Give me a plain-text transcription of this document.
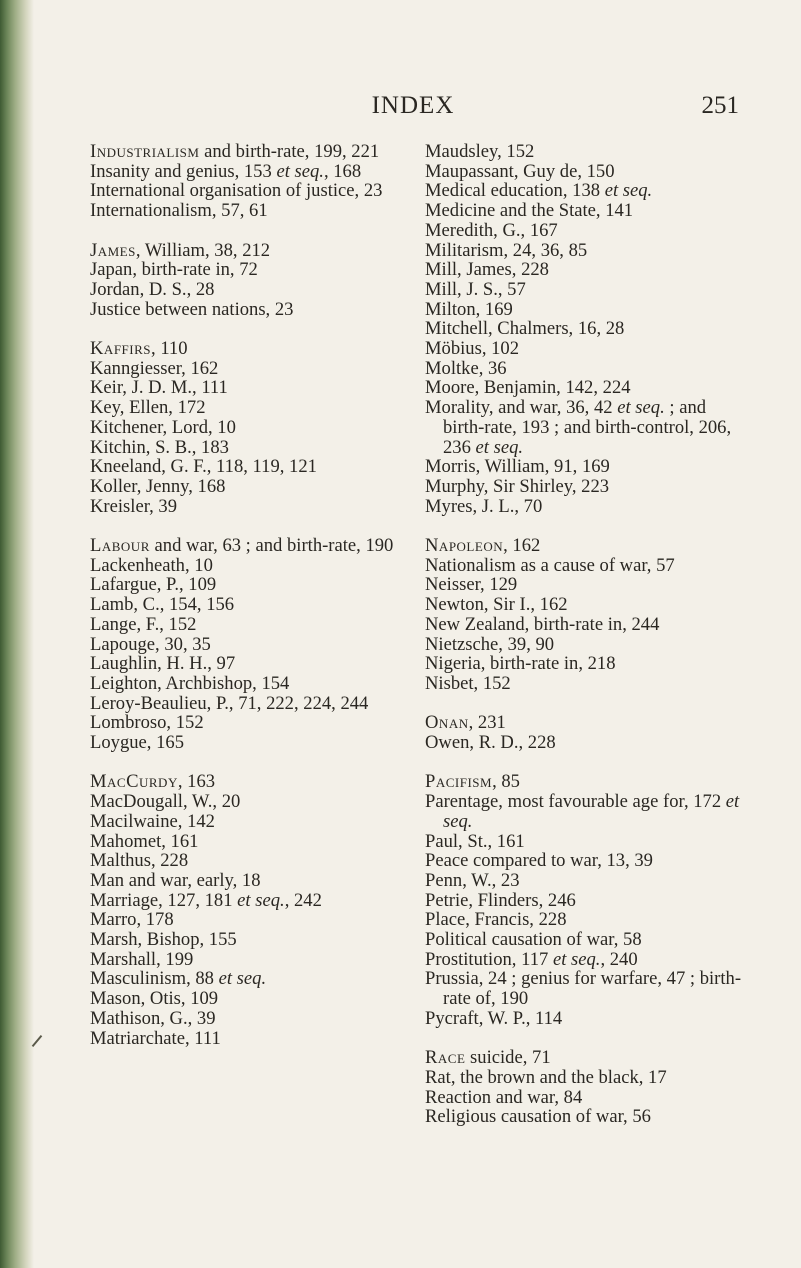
INDEX	251
Industrialism and birth-rate, 199, 221
Insanity and genius, 153 et seq., 168
International organisation of justice, 23
Internationalism, 57, 61
James, William, 38, 212
Japan, birth-rate in, 72
Jordan, D. S., 28
Justice between nations, 23
Kaffirs, 110
Kanngiesser, 162
Keir, J. D. M., 111
Key, Ellen, 172
Kitchener, Lord, 10
Kitchin, S. B., 183
Kneeland, G. F., 118, 119, 121
Koller, Jenny, 168
Kreisler, 39
Labour and war, 63 ; and birth-rate, 190
Lackenheath, 10
Lafargue, P., 109
Lamb, C., 154, 156
Lange, F., 152
Lapouge, 30, 35
Laughlin, H. H., 97
Leighton, Archbishop, 154
Leroy-Beaulieu, P., 71, 222, 224, 244
Lombroso, 152
Loygue, 165
MacCurdy, 163
MacDougall, W., 20
Macilwaine, 142
Mahomet, 161
Malthus, 228
Man and war, early, 18
Marriage, 127, 181 et seq., 242
Marro, 178
Marsh, Bishop, 155
Marshall, 199
Masculinism, 88 et seq.
Mason, Otis, 109
Mathison, G., 39
Matriarchate, 111
Maudsley, 152
Maupassant, Guy de, 150
Medical education, 138 et seq.
Medicine and the State, 141
Meredith, G., 167
Militarism, 24, 36, 85
Mill, James, 228
Mill, J. S., 57
Milton, 169
Mitchell, Chalmers, 16, 28
Möbius, 102
Moltke, 36
Moore, Benjamin, 142, 224
Morality, and war, 36, 42 et seq. ; and birth-rate, 193 ; and birth-control, 206, 236 et seq.
Morris, William, 91, 169
Murphy, Sir Shirley, 223
Myres, J. L., 70
Napoleon, 162
Nationalism as a cause of war, 57
Neisser, 129
Newton, Sir I., 162
New Zealand, birth-rate in, 244
Nietzsche, 39, 90
Nigeria, birth-rate in, 218
Nisbet, 152
Onan, 231
Owen, R. D., 228
Pacifism, 85
Parentage, most favourable age for, 172 et seq.
Paul, St., 161
Peace compared to war, 13, 39
Penn, W., 23
Petrie, Flinders, 246
Place, Francis, 228
Political causation of war, 58
Prostitution, 117 et seq., 240
Prussia, 24 ; genius for warfare, 47 ; birth-rate of, 190
Pycraft, W. P., 114
Race suicide, 71
Rat, the brown and the black, 17
Reaction and war, 84
Religious causation of war, 56
